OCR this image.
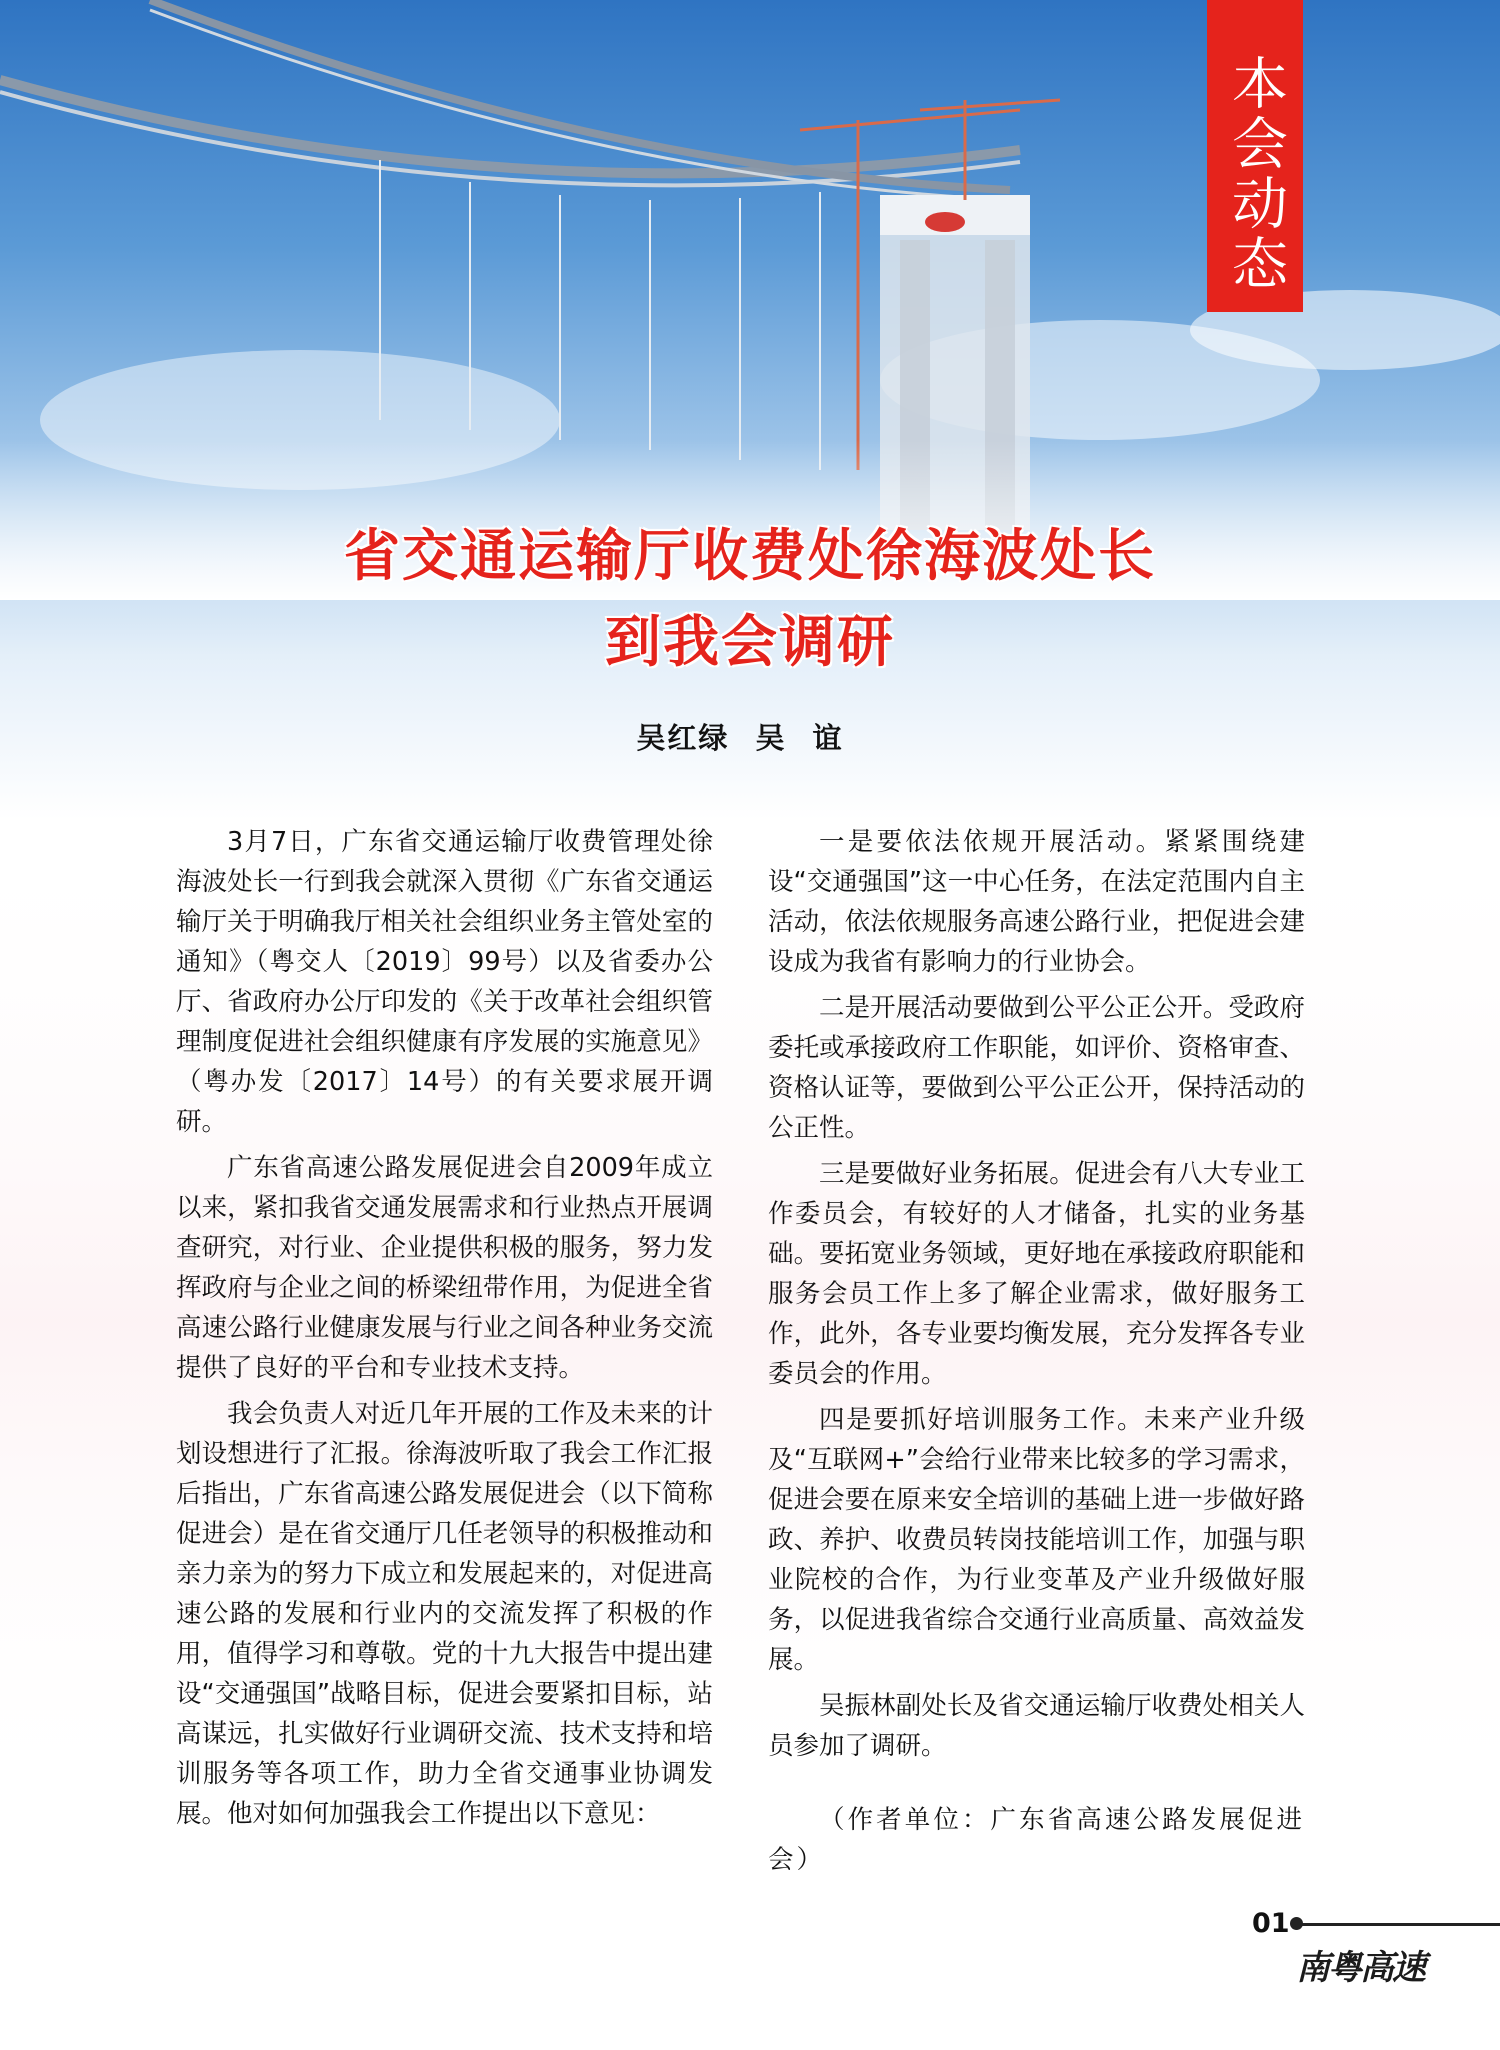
本会动态
省交通运输厅收费处徐海波处长
到我会调研
吴红绿 吴 谊

3月7日，广东省交通运输厅收费管理处徐海波处长一行到我会就深入贯彻《广东省交通运输厅关于明确我厅相关社会组织业务主管处室的通知》（粤交人〔2019〕99号）以及省委办公厅、省政府办公厅印发的《关于改革社会组织管理制度促进社会组织健康有序发展的实施意见》（粤办发〔2017〕14号）的有关要求展开调研。

广东省高速公路发展促进会自2009年成立以来，紧扣我省交通发展需求和行业热点开展调查研究，对行业、企业提供积极的服务，努力发挥政府与企业之间的桥梁纽带作用，为促进全省高速公路行业健康发展与行业之间各种业务交流提供了良好的平台和专业技术支持。

我会负责人对近几年开展的工作及未来的计划设想进行了汇报。徐海波听取了我会工作汇报后指出，广东省高速公路发展促进会（以下简称促进会）是在省交通厅几任老领导的积极推动和亲力亲为的努力下成立和发展起来的，对促进高速公路的发展和行业内的交流发挥了积极的作用，值得学习和尊敬。党的十九大报告中提出建设“交通强国”战略目标，促进会要紧扣目标，站高谋远，扎实做好行业调研交流、技术支持和培训服务等各项工作，助力全省交通事业协调发展。他对如何加强我会工作提出以下意见：

一是要依法依规开展活动。紧紧围绕建设“交通强国”这一中心任务，在法定范围内自主活动，依法依规服务高速公路行业，把促进会建设成为我省有影响力的行业协会。

二是开展活动要做到公平公正公开。受政府委托或承接政府工作职能，如评价、资格审查、资格认证等，要做到公平公正公开，保持活动的公正性。

三是要做好业务拓展。促进会有八大专业工作委员会，有较好的人才储备，扎实的业务基础。要拓宽业务领域，更好地在承接政府职能和服务会员工作上多了解企业需求，做好服务工作，此外，各专业要均衡发展，充分发挥各专业委员会的作用。

四是要抓好培训服务工作。未来产业升级及“互联网+”会给行业带来比较多的学习需求，促进会要在原来安全培训的基础上进一步做好路政、养护、收费员转岗技能培训工作，加强与职业院校的合作，为行业变革及产业升级做好服务，以促进我省综合交通行业高质量、高效益发展。

吴振林副处长及省交通运输厅收费处相关人员参加了调研。

（作者单位：广东省高速公路发展促进会）

01
南粤高速
